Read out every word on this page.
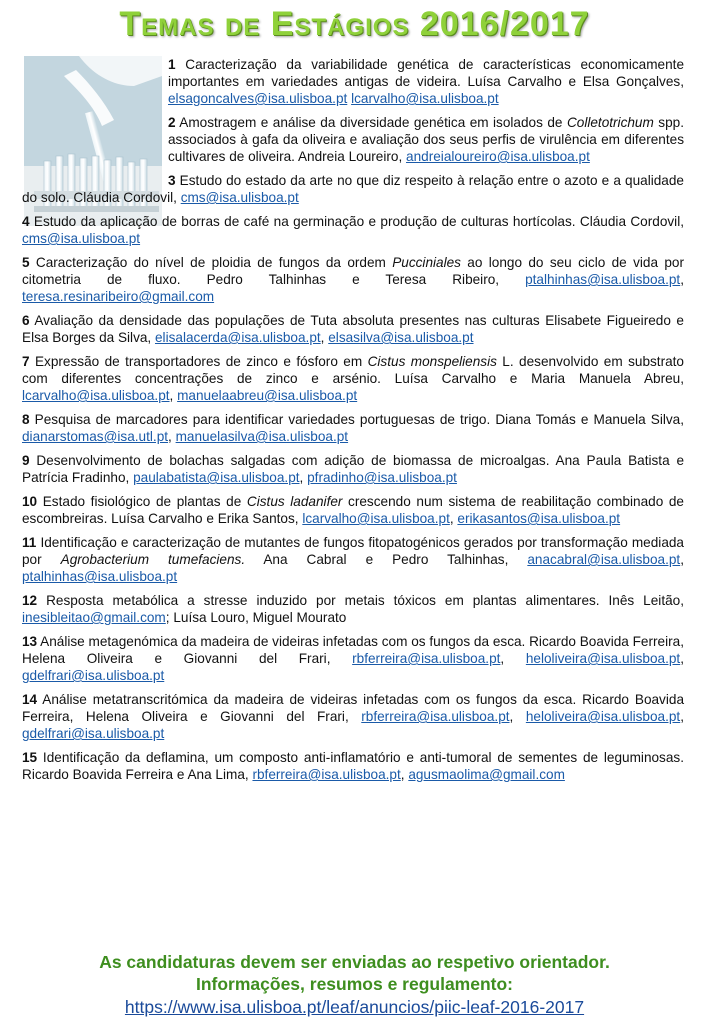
Temas de Estágios 2016/2017
1 Caracterização da variabilidade genética de características economicamente importantes em variedades antigas de videira. Luísa Carvalho e Elsa Gonçalves, elsagoncalves@isa.ulisboa.pt lcarvalho@isa.ulisboa.pt
2 Amostragem e análise da diversidade genética em isolados de Colletotrichum spp. associados à gafa da oliveira e avaliação dos seus perfis de virulência em diferentes cultivares de oliveira. Andreia Loureiro, andreialoureiro@isa.ulisboa.pt
3 Estudo do estado da arte no que diz respeito à relação entre o azoto e a qualidade do solo. Cláudia Cordovil, cms@isa.ulisboa.pt
4 Estudo da aplicação de borras de café na germinação e produção de culturas hortícolas. Cláudia Cordovil, cms@isa.ulisboa.pt
5 Caracterização do nível de ploidia de fungos da ordem Pucciniales ao longo do seu ciclo de vida por citometria de fluxo. Pedro Talhinhas e Teresa Ribeiro, ptalhinhas@isa.ulisboa.pt, teresa.resinaribeiro@gmail.com
6 Avaliação da densidade das populações de Tuta absoluta presentes nas culturas Elisabete Figueiredo e Elsa Borges da Silva, elisalacerda@isa.ulisboa.pt, elsasilva@isa.ulisboa.pt
7 Expressão de transportadores de zinco e fósforo em Cistus monspeliensis L. desenvolvido em substrato com diferentes concentrações de zinco e arsénio. Luísa Carvalho e Maria Manuela Abreu, lcarvalho@isa.ulisboa.pt, manuelaabreu@isa.ulisboa.pt
8 Pesquisa de marcadores para identificar variedades portuguesas de trigo. Diana Tomás e Manuela Silva, dianarstomas@isa.utl.pt, manuelasilva@isa.ulisboa.pt
9 Desenvolvimento de bolachas salgadas com adição de biomassa de microalgas. Ana Paula Batista e Patrícia Fradinho, paulabatista@isa.ulisboa.pt, pfradinho@isa.ulisboa.pt
10 Estado fisiológico de plantas de Cistus ladanifer crescendo num sistema de reabilitação combinado de escombreiras. Luísa Carvalho e Erika Santos, lcarvalho@isa.ulisboa.pt, erikasantos@isa.ulisboa.pt
11 Identificação e caracterização de mutantes de fungos fitopatogénicos gerados por transformação mediada por Agrobacterium tumefaciens. Ana Cabral e Pedro Talhinhas, anacabral@isa.ulisboa.pt, ptalhinhas@isa.ulisboa.pt
12 Resposta metabólica a stresse induzido por metais tóxicos em plantas alimentares. Inês Leitão, inesibleitao@gmail.com; Luísa Louro, Miguel Mourato
13 Análise metagenómica da madeira de videiras infetadas com os fungos da esca. Ricardo Boavida Ferreira, Helena Oliveira e Giovanni del Frari, rbferreira@isa.ulisboa.pt, heloliveira@isa.ulisboa.pt, gdelfrari@isa.ulisboa.pt
14 Análise metatranscritómica da madeira de videiras infetadas com os fungos da esca. Ricardo Boavida Ferreira, Helena Oliveira e Giovanni del Frari, rbferreira@isa.ulisboa.pt, heloliveira@isa.ulisboa.pt, gdelfrari@isa.ulisboa.pt
15 Identificação da deflamina, um composto anti-inflamatório e anti-tumoral de sementes de leguminosas. Ricardo Boavida Ferreira e Ana Lima, rbferreira@isa.ulisboa.pt, agusmaolima@gmail.com
As candidaturas devem ser enviadas ao respetivo orientador.
Informações, resumos e regulamento:
https://www.isa.ulisboa.pt/leaf/anuncios/piic-leaf-2016-2017
